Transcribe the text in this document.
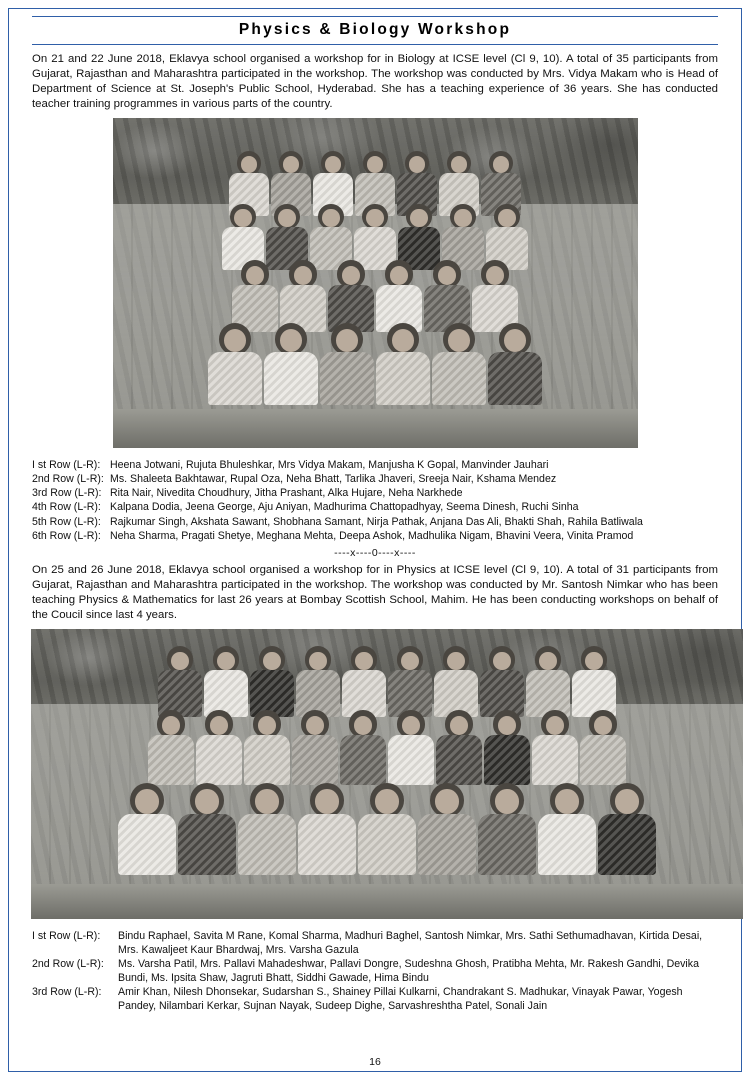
Physics & Biology Workshop

On 21 and 22 June 2018, Eklavya school organised a workshop for in Biology at ICSE level (Cl 9, 10). A total of 35 participants from Gujarat, Rajasthan and Maharashtra participated in the workshop. The workshop was conducted by Mrs. Vidya Makam who is Head of Department of Science at St. Joseph's Public School, Hyderabad. She has a teaching experience of 36 years. She has conducted teacher training programmes in various parts of the country.

I st Row (L-R): Heena Jotwani, Rujuta Bhuleshkar, Mrs Vidya Makam, Manjusha K Gopal, Manvinder Jauhari
2nd Row (L-R): Ms. Shaleeta Bakhtawar, Rupal Oza, Neha Bhatt, Tarlika Jhaveri, Sreeja Nair, Kshama Mendez
3rd Row (L-R): Rita Nair, Nivedita Choudhury, Jitha Prashant, Alka Hujare, Neha Narkhede
4th Row (L-R): Kalpana Dodia, Jeena George, Aju Aniyan, Madhurima Chattopadhyay, Seema Dinesh, Ruchi Sinha
5th Row (L-R): Rajkumar Singh, Akshata Sawant, Shobhana Samant, Nirja Pathak, Anjana Das Ali, Bhakti Shah, Rahila Batliwala
6th Row (L-R): Neha Sharma, Pragati Shetye, Meghana Mehta, Deepa Ashok, Madhulika Nigam, Bhavini Veera, Vinita Pramod
----x----0----x----

On 25 and 26 June 2018, Eklavya school organised a workshop for in Physics at ICSE level (Cl 9, 10). A total of 31 participants from Gujarat, Rajasthan and Maharashtra participated in the workshop. The workshop was conducted by Mr. Santosh Nimkar who has been teaching Physics & Mathematics for last 26 years at Bombay Scottish School, Mahim. He has been conducting workshops on behalf of the Coucil since last 4 years.

I st Row (L-R):	Bindu Raphael, Savita M Rane, Komal Sharma, Madhuri Baghel, Santosh Nimkar, Mrs. Sathi Sethumadhavan, Kirtida Desai, Mrs. Kawaljeet Kaur Bhardwaj, Mrs. Varsha Gazula
2nd Row (L-R):	Ms. Varsha Patil, Mrs. Pallavi Mahadeshwar, Pallavi Dongre, Sudeshna Ghosh, Pratibha Mehta, Mr. Rakesh Gandhi, Devika Bundi, Ms. Ipsita Shaw, Jagruti Bhatt, Siddhi Gawade, Hima Bindu
3rd Row (L-R):	Amir Khan, Nilesh Dhonsekar, Sudarshan S., Shainey Pillai Kulkarni, Chandrakant S. Madhukar, Vinayak Pawar, Yogesh Pandey, Nilambari Kerkar, Sujnan Nayak, Sudeep Dighe, Sarvashreshtha Patel, Sonali Jain
16
